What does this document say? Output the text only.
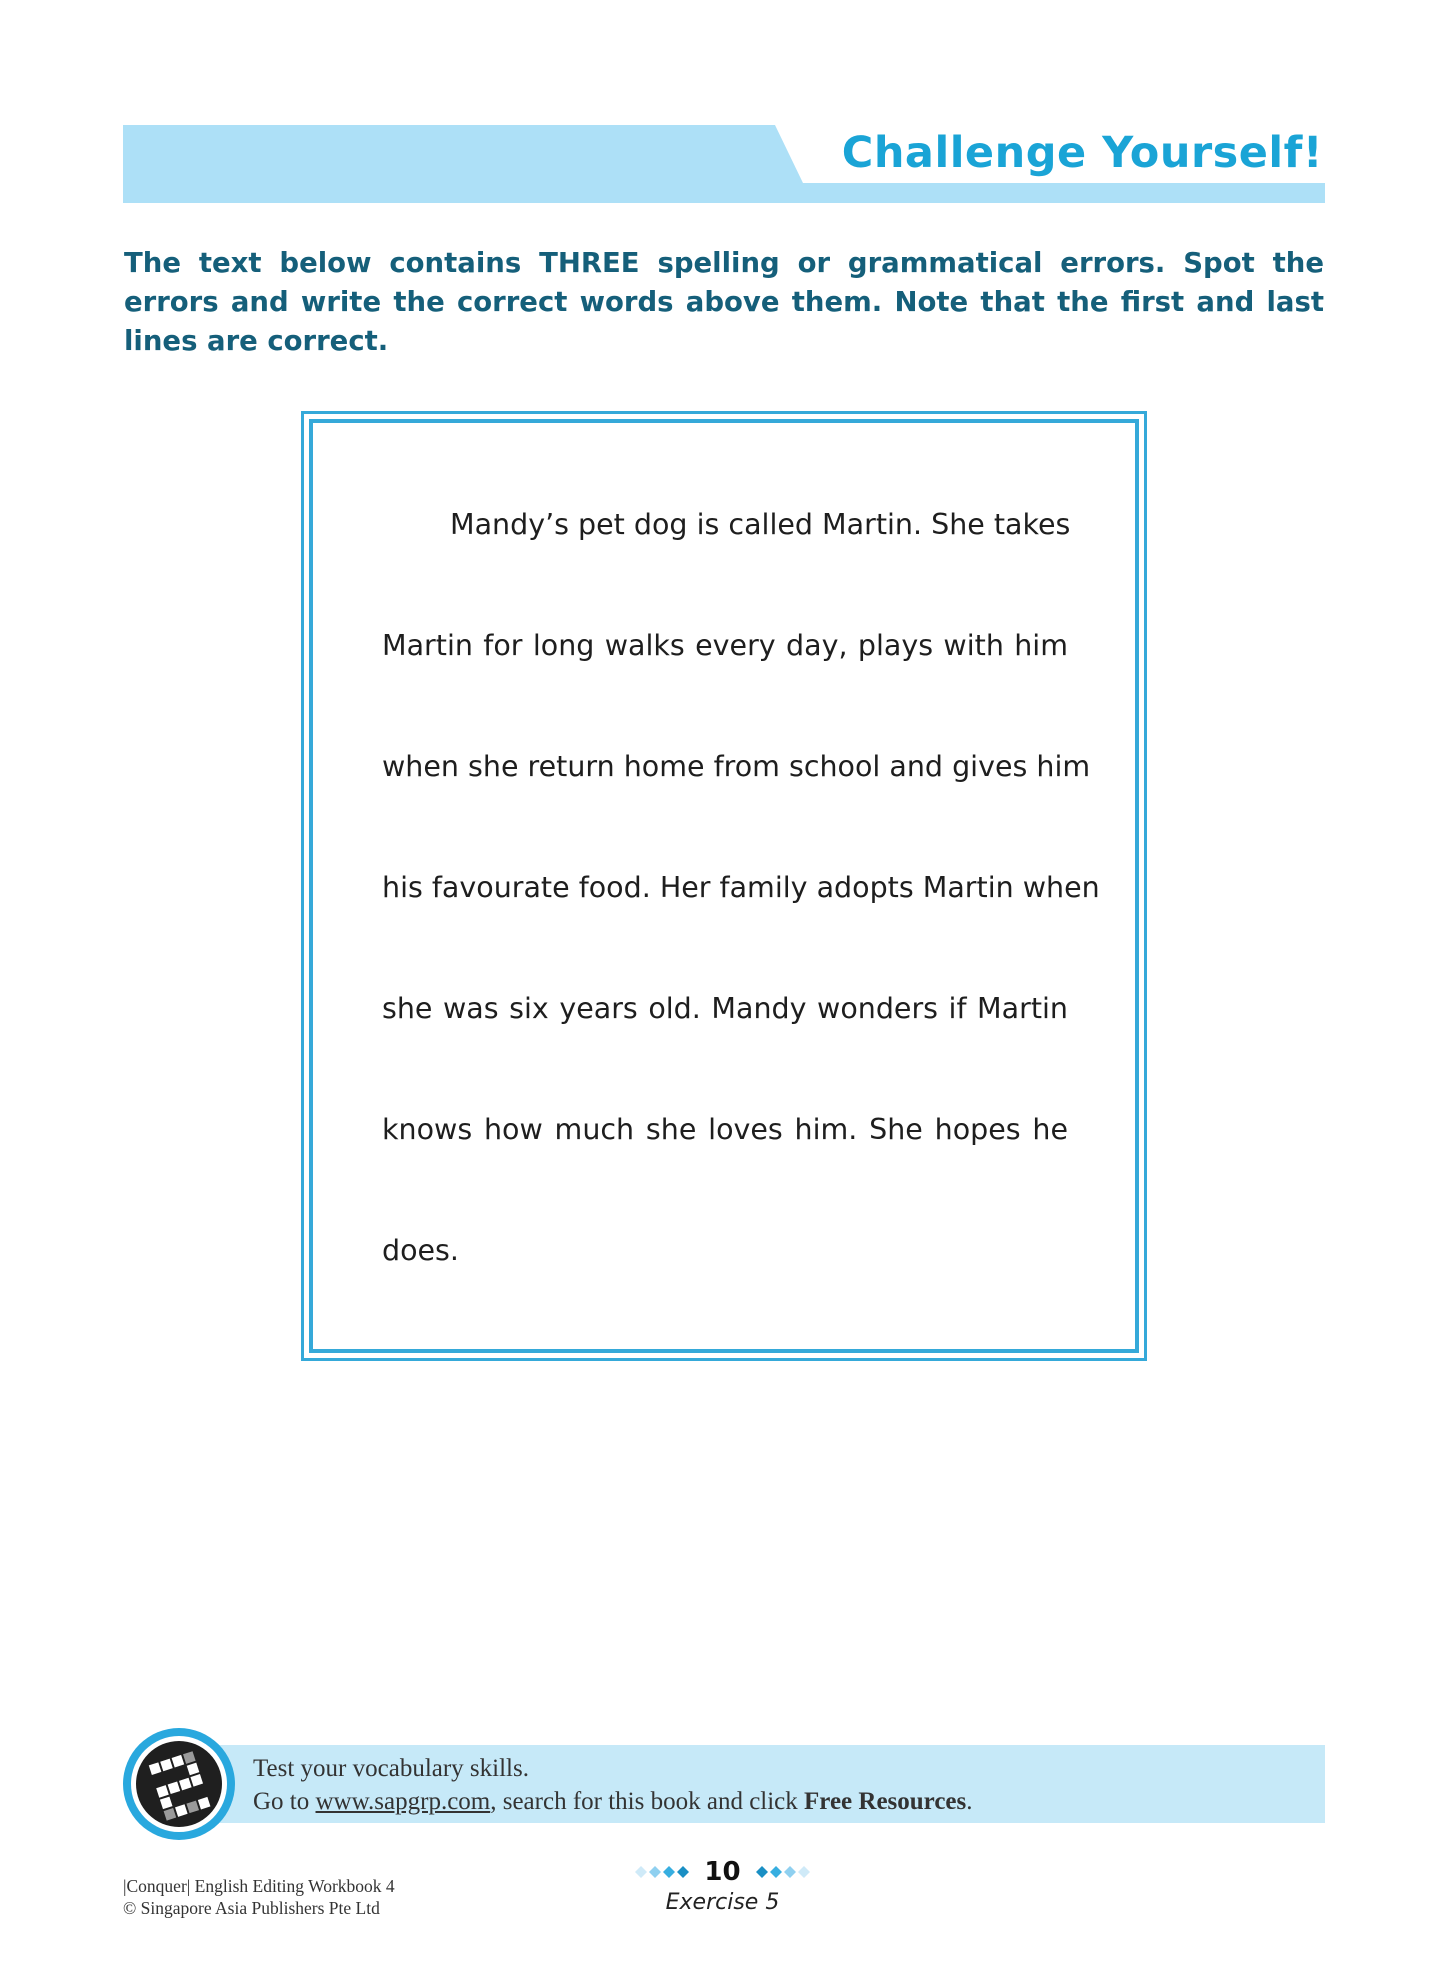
Challenge Yourself!

The text below contains THREE spelling or grammatical errors. Spot the errors and write the correct words above them. Note that the first and last lines are correct.

Mandy’s pet dog is called Martin. She takes
Martin for long walks every day, plays with him
when she return home from school and gives him
his favourate food. Her family adopts Martin when
she was six years old. Mandy wonders if Martin
knows how much she loves him. She hopes he
does.
Test your vocabulary skills.
Go to www.sapgrp.com, search for this book and click Free Resources.
|Conquer| English Editing Workbook 4
© Singapore Asia Publishers Pte Ltd
10
Exercise 5
